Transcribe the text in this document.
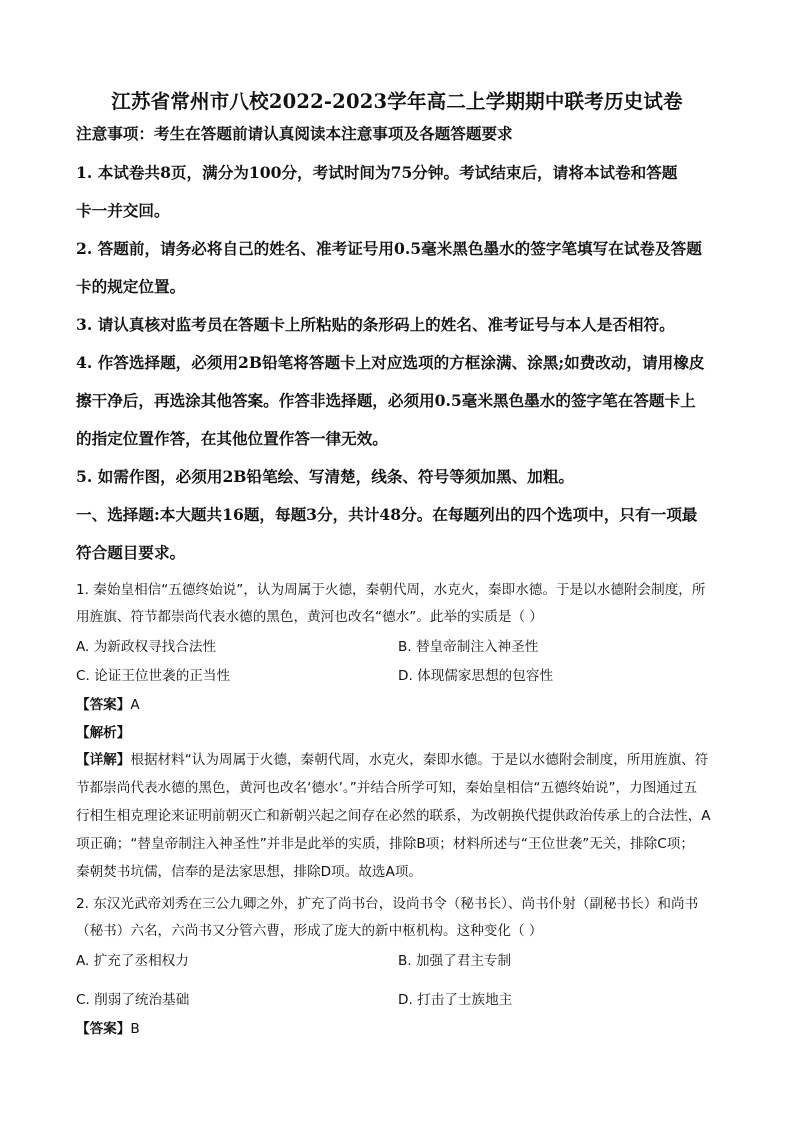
江苏省常州市八校2022-2023学年高二上学期期中联考历史试卷
注意事项：考生在答题前请认真阅读本注意事项及各题答题要求
1. 本试卷共8页，满分为100分，考试时间为75分钟。考试结束后，请将本试卷和答题
卡一并交回。
2. 答题前，请务必将自己的姓名、准考证号用0.5毫米黑色墨水的签字笔填写在试卷及答题
卡的规定位置。
3. 请认真核对监考员在答题卡上所粘贴的条形码上的姓名、准考证号与本人是否相符。
4. 作答选择题，必须用2B铅笔将答题卡上对应选项的方框涂满、涂黑;如费改动，请用橡皮
擦干净后，再选涂其他答案。作答非选择题，必须用0.5毫米黑色墨水的签字笔在答题卡上
的指定位置作答，在其他位置作答一律无效。
5. 如需作图，必须用2B铅笔绘、写清楚，线条、符号等须加黑、加粗。
一、选择题:本大题共16题，每题3分，共计48分。在每题列出的四个选项中，只有一项最
符合题目要求。
1. 秦始皇相信“五德终始说”，认为周属于火德，秦朝代周，水克火，秦即水德。于是以水德附会制度，所
用旌旗、符节都崇尚代表水德的黑色，黄河也改名“德水”。此举的实质是（ ）
A. 为新政权寻找合法性	B. 替皇帝制注入神圣性
C. 论证王位世袭的正当性	D. 体现儒家思想的包容性
【答案】A
【解析】
【详解】根据材料“认为周属于火德，秦朝代周，水克火，秦即水德。于是以水德附会制度，所用旌旗、符
节都崇尚代表水德的黑色，黄河也改名‘德水’。”并结合所学可知，秦始皇相信“五德终始说”，力图通过五
行相生相克理论来证明前朝灭亡和新朝兴起之间存在必然的联系，为改朝换代提供政治传承上的合法性，A
项正确；“替皇帝制注入神圣性”并非是此举的实质，排除B项；材料所述与“王位世袭”无关，排除C项；
秦朝焚书坑儒，信奉的是法家思想，排除D项。故选A项。
2. 东汉光武帝刘秀在三公九卿之外，扩充了尚书台，设尚书令（秘书长）、尚书仆射（副秘书长）和尚书
（秘书）六名，六尚书又分管六曹，形成了庞大的新中枢机构。这种变化（ ）
A. 扩充了丞相权力	B. 加强了君主专制
C. 削弱了统治基础	D. 打击了士族地主
【答案】B
